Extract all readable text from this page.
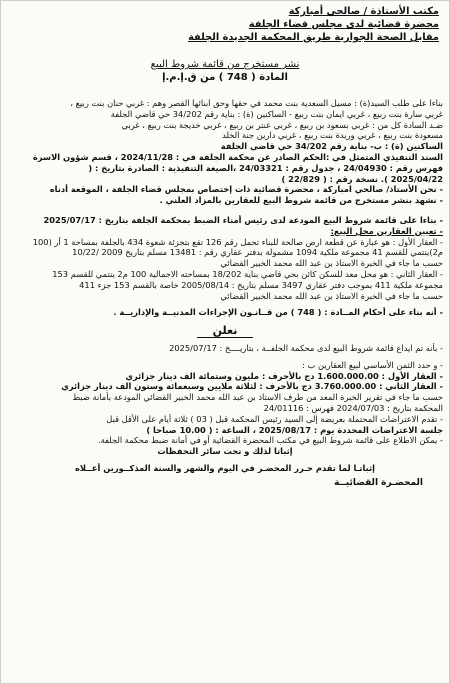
مكتب الأستاذة / صالحي أمباركة
محضرة قضائية لدى مجلس قضاء الجلفة
مقابل الصحة الجوارية طريق المحكمة الجديدة الجلفة
نشر مستخرج من قائمة شروط البيع
المادة ( 748 ) من ق.إ.م.إ
بناءا على طلب السيد(ة) : مسيل السعدية بنت محمد في حقها وحق ابنائها القصر وهم : غربي حنان بنت ربيع ،
غربي سارة بنت ربيع ، غربي ايمان بنت ربيع - الساكنين (ة) : بناية رقم 34/202 حي قاضي الجلفة
ضـد السادة كل من : غربي بسعود بن ربيع ، غربي عنتر بن ربيع ، غربي خديجة بنت ربيع ، غربي
مسعودة بنت ربيع ، غربي وريدة بنت ربيع ، غربي دارين جنة الخلد
الساكنين (ة) : ب- بناية رقم 34/202 حي قاضي الجلفة
السند التنفيذي المتمثل في :الحكم الصادر عن محكمة الجلفة في : 2024/11/28 ، قسم شؤون الاسرة
فهرس رقم : 24/04930 ، جدول رقم : 24/03321 ،الصيغة التنفيذية : الصادرة بتاريخ : (
2025/04/22 ). نسخة رقم : ( 22/829 )
- نحن الأستاذ/ صالحي امباركة ، محضرة قضائية ذات إختصاص بمجلس قضاء الجلفة ، الموقعة أدناه
- نشهد بنشر مستخرج من قائمة شروط البيع للعقارين بالمزاد العلني .
- بناءا على قائمة شروط البيع المودعة لدى رئيس أمناء الضبط بمحكمة الجلفة بتاريخ : 2025/07/17
- تعيين العقارين محل البيع:
- العقار الأول : هو عبارة عن قطعة ارض صالحة للبناء تحمل رقم 126 تقع بتجزئة شعوة 434 بالجلفة بمساحة 1 أر (100
م2)ينتمي للقسم 41 مجموعة ملكية 1094 مشمولة بدفتر عقاري رقم : 13481 مسلم بتاريخ 2009 /10/22
حسب ما جاء في الخبرة الاستاذ بن عبد الله محمد الخبير القضائي
- العقار الثاني : هو محل معد للسكن كائن بحي قاضي بناية 18/202 بمساحته الاجمالية 100 م2 ينتمي للقسم 153
مجموعة ملكية 411 بموجب دفتر عقاري 3497 مسلم بتاريخ : 2005/08/14 خاصة بالقسم 153 جزء 411
حسب ما جاء في الخبرة الاستاذ بن عبد الله محمد الخبير القضائي
- أنه بناء على أحكام المــادة : ( 748 ) من قــانـون الإجراءات المدنيــة والإداريــة .
نعلن
- بأنه تم ايداع قائمة شروط البيع لدى محكمة الجلفــة ، بتاريــــخ : 2025/07/17
- و حدد الثمن الأساسي لبيع العقارين ب :
- العقار الأول : 1.600.000.00 دج بالأحرف : مليون وستمائة الف دينار جزائري
- العقار الثاني : 3.760.000.00 دج بالأحرف : لثلاثة ملايين وسبعمائة وستون الف دينار جزائري
حسب ما جاء في تقرير الخبرة المعد من طرف الاستاذ بن عبد الله محمد الخبير القضائي المودعة بأمانة ضبط
المحكمة بتاريخ : 2024/07/03 فهرس : 24/01116
- تقدم الاعتراضات المحتملة بعريضة إلى السيد رئيس المحكمة قبل ( 03 ) ثلاثة أيام على الأقل قبل
جلسة الاعتراضات المحددة يوم : 2025/08/17 ، الساعة : ( 10.00 صباحا )
- يمكن الاطلاع على قائمة شروط البيع في مكتب المحضرة القضائية أو في أمانة ضبط محكمة الجلفة.
إثباتا لذلك و تحت سائر التحفظات
إثباتـا لما تقدم حـرر المحضـر في اليوم والشهر والسنة المذكــورين أعــلاه
المحضـرة القضائيــة
